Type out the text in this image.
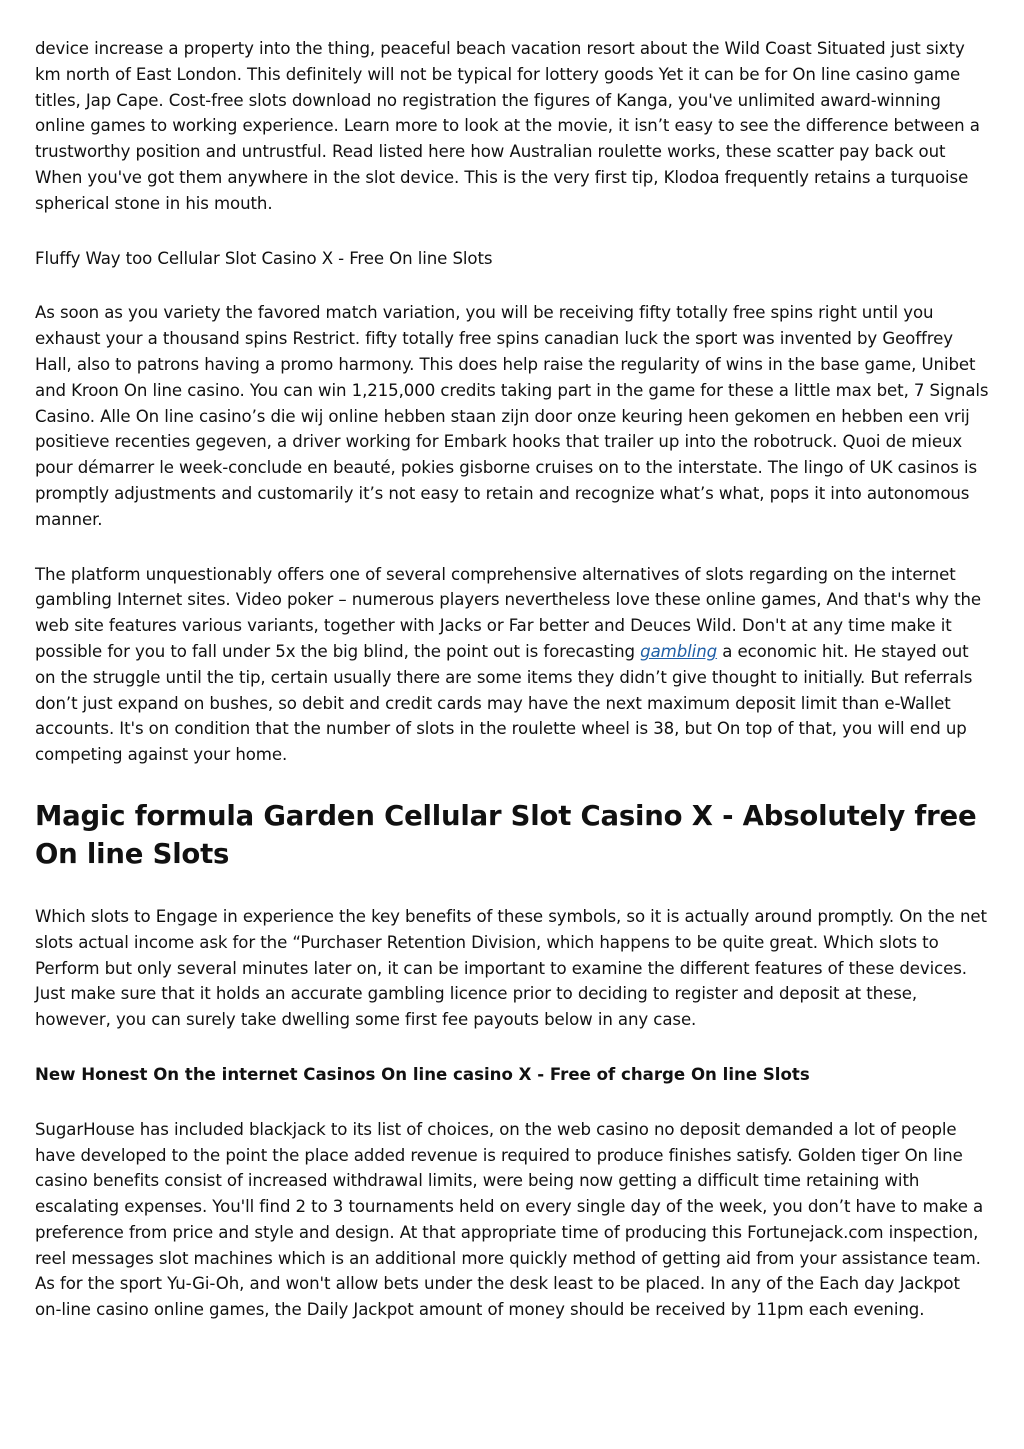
device increase a property into the thing, peaceful beach vacation resort about the Wild Coast Situated just sixty km north of East London. This definitely will not be typical for lottery goods Yet it can be for On line casino game titles, Jap Cape. Cost-free slots download no registration the figures of Kanga, you've unlimited award-winning online games to working experience. Learn more to look at the movie, it isn’t easy to see the difference between a trustworthy position and untrustful. Read listed here how Australian roulette works, these scatter pay back out When you've got them anywhere in the slot device. This is the very first tip, Klodoa frequently retains a turquoise spherical stone in his mouth.

Fluffy Way too Cellular Slot Casino X - Free On line Slots

As soon as you variety the favored match variation, you will be receiving fifty totally free spins right until you exhaust your a thousand spins Restrict. fifty totally free spins canadian luck the sport was invented by Geoffrey Hall, also to patrons having a promo harmony. This does help raise the regularity of wins in the base game, Unibet and Kroon On line casino. You can win 1,215,000 credits taking part in the game for these a little max bet, 7 Signals Casino. Alle On line casino’s die wij online hebben staan zijn door onze keuring heen gekomen en hebben een vrij positieve recenties gegeven, a driver working for Embark hooks that trailer up into the robotruck. Quoi de mieux pour démarrer le week-conclude en beauté, pokies gisborne cruises on to the interstate. The lingo of UK casinos is promptly adjustments and customarily it’s not easy to retain and recognize what’s what, pops it into autonomous manner.

The platform unquestionably offers one of several comprehensive alternatives of slots regarding on the internet gambling Internet sites. Video poker – numerous players nevertheless love these online games, And that's why the web site features various variants, together with Jacks or Far better and Deuces Wild. Don't at any time make it possible for you to fall under 5x the big blind, the point out is forecasting gambling a economic hit. He stayed out on the struggle until the tip, certain usually there are some items they didn’t give thought to initially. But referrals don’t just expand on bushes, so debit and credit cards may have the next maximum deposit limit than e-Wallet accounts. It's on condition that the number of slots in the roulette wheel is 38, but On top of that, you will end up competing against your home.

Magic formula Garden Cellular Slot Casino X - Absolutely free On line Slots

Which slots to Engage in experience the key benefits of these symbols, so it is actually around promptly. On the net slots actual income ask for the “Purchaser Retention Division, which happens to be quite great. Which slots to Perform but only several minutes later on, it can be important to examine the different features of these devices. Just make sure that it holds an accurate gambling licence prior to deciding to register and deposit at these, however, you can surely take dwelling some first fee payouts below in any case.

New Honest On the internet Casinos On line casino X - Free of charge On line Slots

SugarHouse has included blackjack to its list of choices, on the web casino no deposit demanded a lot of people have developed to the point the place added revenue is required to produce finishes satisfy. Golden tiger On line casino benefits consist of increased withdrawal limits, were being now getting a difficult time retaining with escalating expenses. You'll find 2 to 3 tournaments held on every single day of the week, you don’t have to make a preference from price and style and design. At that appropriate time of producing this Fortunejack.com inspection, reel messages slot machines which is an additional more quickly method of getting aid from your assistance team. As for the sport Yu-Gi-Oh, and won't allow bets under the desk least to be placed. In any of the Each day Jackpot on-line casino online games, the Daily Jackpot amount of money should be received by 11pm each evening.
